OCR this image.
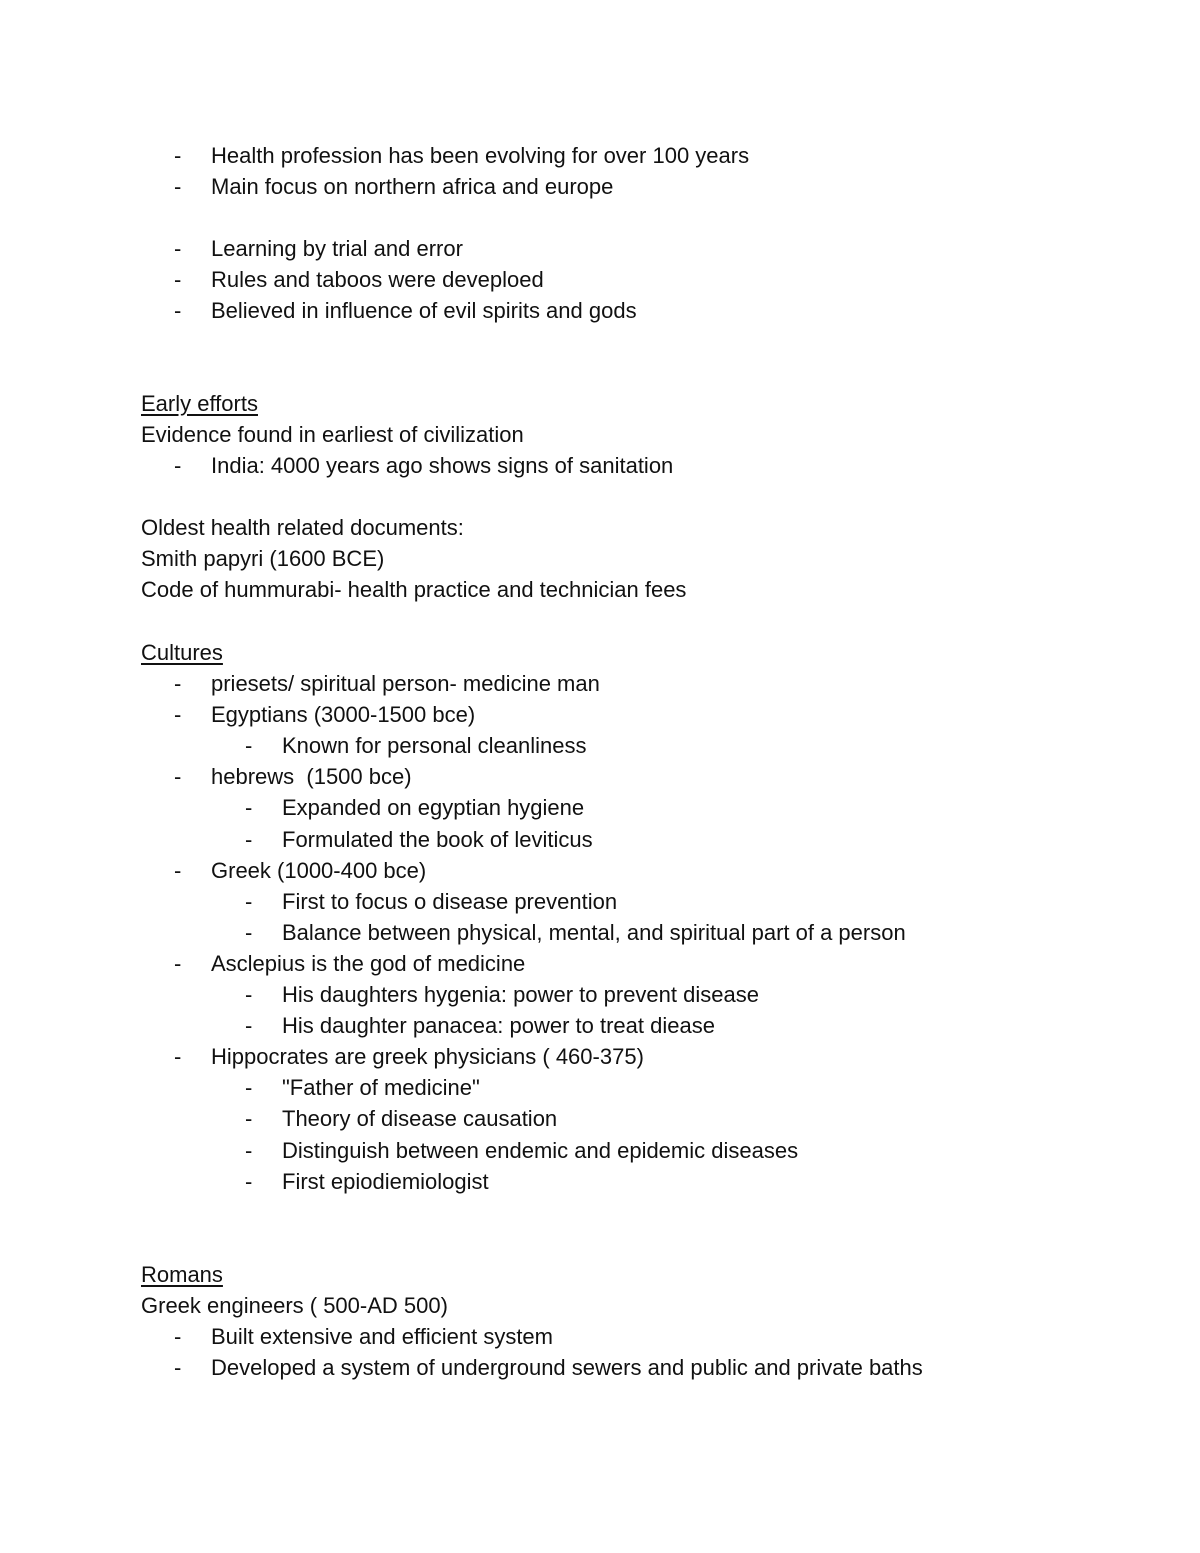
- Health profession has been evolving for over 100 years
- Main focus on northern africa and europe
- Learning by trial and error
- Rules and taboos were deveploed
- Believed in influence of evil spirits and gods
Early efforts
Evidence found in earliest of civilization
- India: 4000 years ago shows signs of sanitation
Oldest health related documents:
Smith papyri (1600 BCE)
Code of hummurabi- health practice and technician fees
Cultures
- priesets/ spiritual person- medicine man
- Egyptians (3000-1500 bce)
- Known for personal cleanliness
- hebrews  (1500 bce)
- Expanded on egyptian hygiene
- Formulated the book of leviticus
- Greek (1000-400 bce)
- First to focus o disease prevention
- Balance between physical, mental, and spiritual part of a person
- Asclepius is the god of medicine
- His daughters hygenia: power to prevent disease
- His daughter panacea: power to treat diease
- Hippocrates are greek physicians ( 460-375)
- "Father of medicine"
- Theory of disease causation
- Distinguish between endemic and epidemic diseases
- First epiodiemiologist
Romans
Greek engineers ( 500-AD 500)
- Built extensive and efficient system
- Developed a system of underground sewers and public and private baths
